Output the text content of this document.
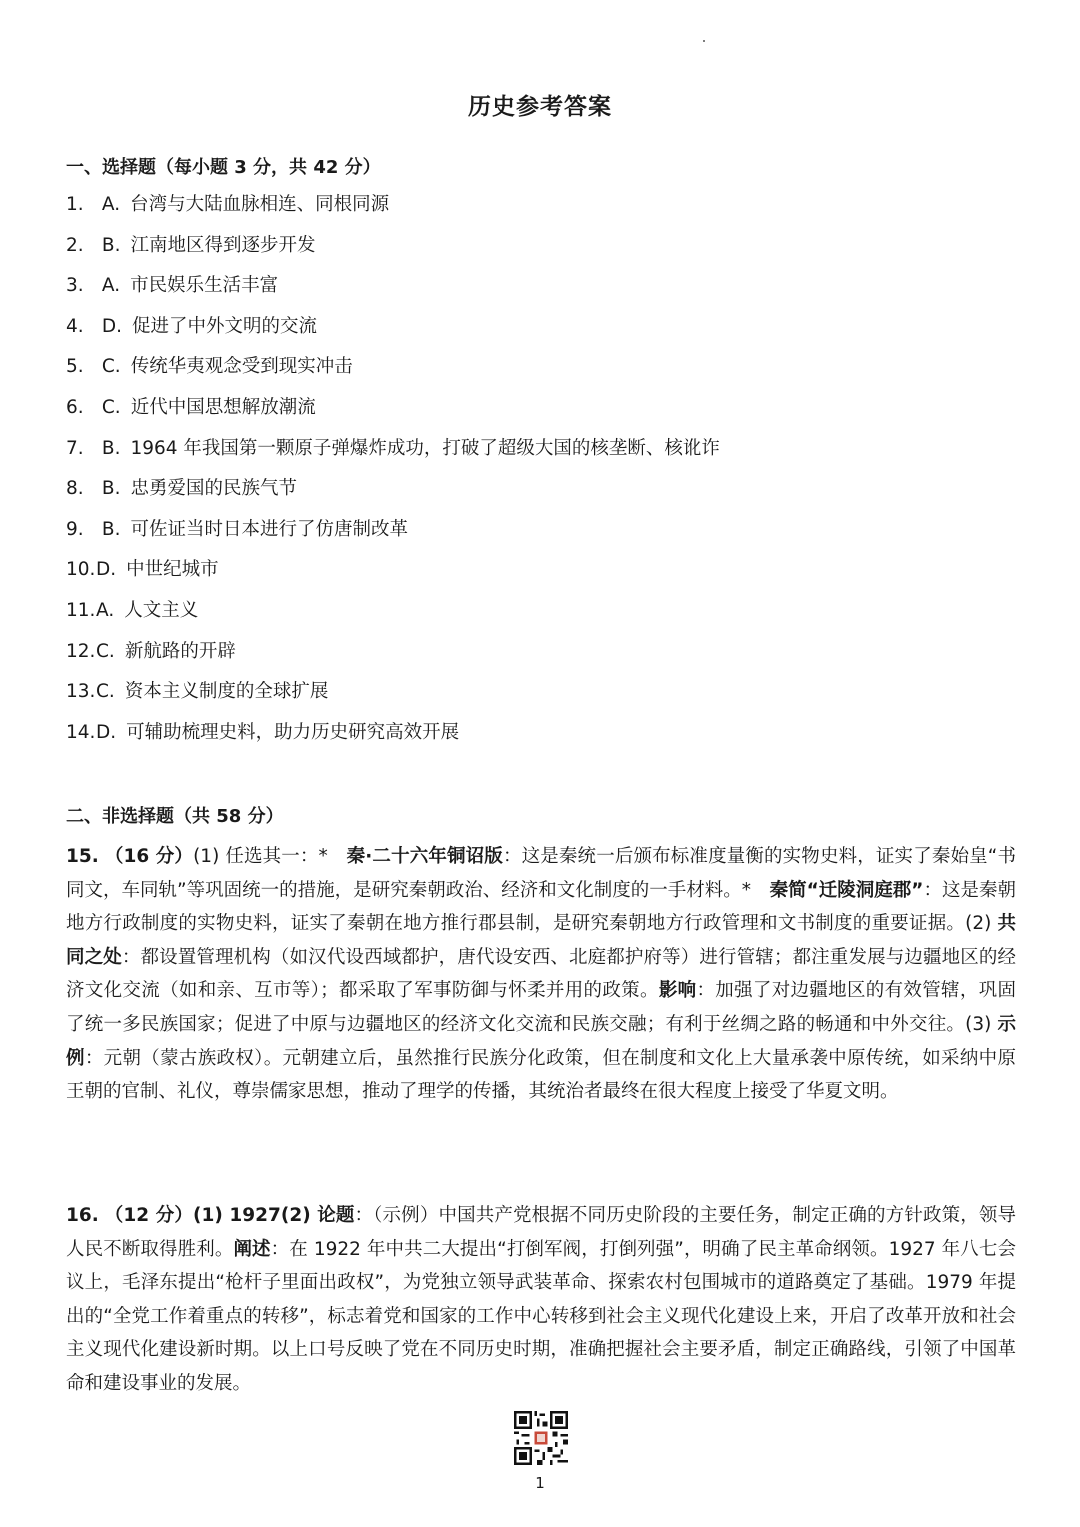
历史参考答案
一、选择题（每小题 3 分，共 42 分）
1. A. 台湾与大陆血脉相连、同根同源
2. B. 江南地区得到逐步开发
3. A. 市民娱乐生活丰富
4. D. 促进了中外文明的交流
5. C. 传统华夷观念受到现实冲击
6. C. 近代中国思想解放潮流
7. B. 1964 年我国第一颗原子弹爆炸成功，打破了超级大国的核垄断、核讹诈
8. B. 忠勇爱国的民族气节
9. B. 可佐证当时日本进行了仿唐制改革
10.D. 中世纪城市
11.A. 人文主义
12.C. 新航路的开辟
13.C. 资本主义制度的全球扩展
14.D. 可辅助梳理史料，助力历史研究高效开展
二、非选择题（共 58 分）

15. （16 分）(1) 任选其一：*　秦·二十六年铜诏版：这是秦统一后颁布标准度量衡的实物史料，证实了秦始皇“书同文，车同轨”等巩固统一的措施，是研究秦朝政治、经济和文化制度的一手材料。*　秦简“迁陵洞庭郡”：这是秦朝地方行政制度的实物史料，证实了秦朝在地方推行郡县制，是研究秦朝地方行政管理和文书制度的重要证据。(2) 共同之处：都设置管理机构（如汉代设西域都护，唐代设安西、北庭都护府等）进行管辖；都注重发展与边疆地区的经济文化交流（如和亲、互市等）；都采取了军事防御与怀柔并用的政策。影响：加强了对边疆地区的有效管辖，巩固了统一多民族国家；促进了中原与边疆地区的经济文化交流和民族交融；有利于丝绸之路的畅通和中外交往。(3) 示例：元朝（蒙古族政权）。元朝建立后，虽然推行民族分化政策，但在制度和文化上大量承袭中原传统，如采纳中原王朝的官制、礼仪，尊崇儒家思想，推动了理学的传播，其统治者最终在很大程度上接受了华夏文明。

16. （12 分）(1) 1927(2) 论题：（示例）中国共产党根据不同历史阶段的主要任务，制定正确的方针政策，领导人民不断取得胜利。阐述：在 1922 年中共二大提出“打倒军阀，打倒列强”，明确了民主革命纲领。1927 年八七会议上，毛泽东提出“枪杆子里面出政权”，为党独立领导武装革命、探索农村包围城市的道路奠定了基础。1979 年提出的“全党工作着重点的转移”，标志着党和国家的工作中心转移到社会主义现代化建设上来，开启了改革开放和社会主义现代化建设新时期。以上口号反映了党在不同历史时期，准确把握社会主要矛盾，制定正确路线，引领了中国革命和建设事业的发展。

1
